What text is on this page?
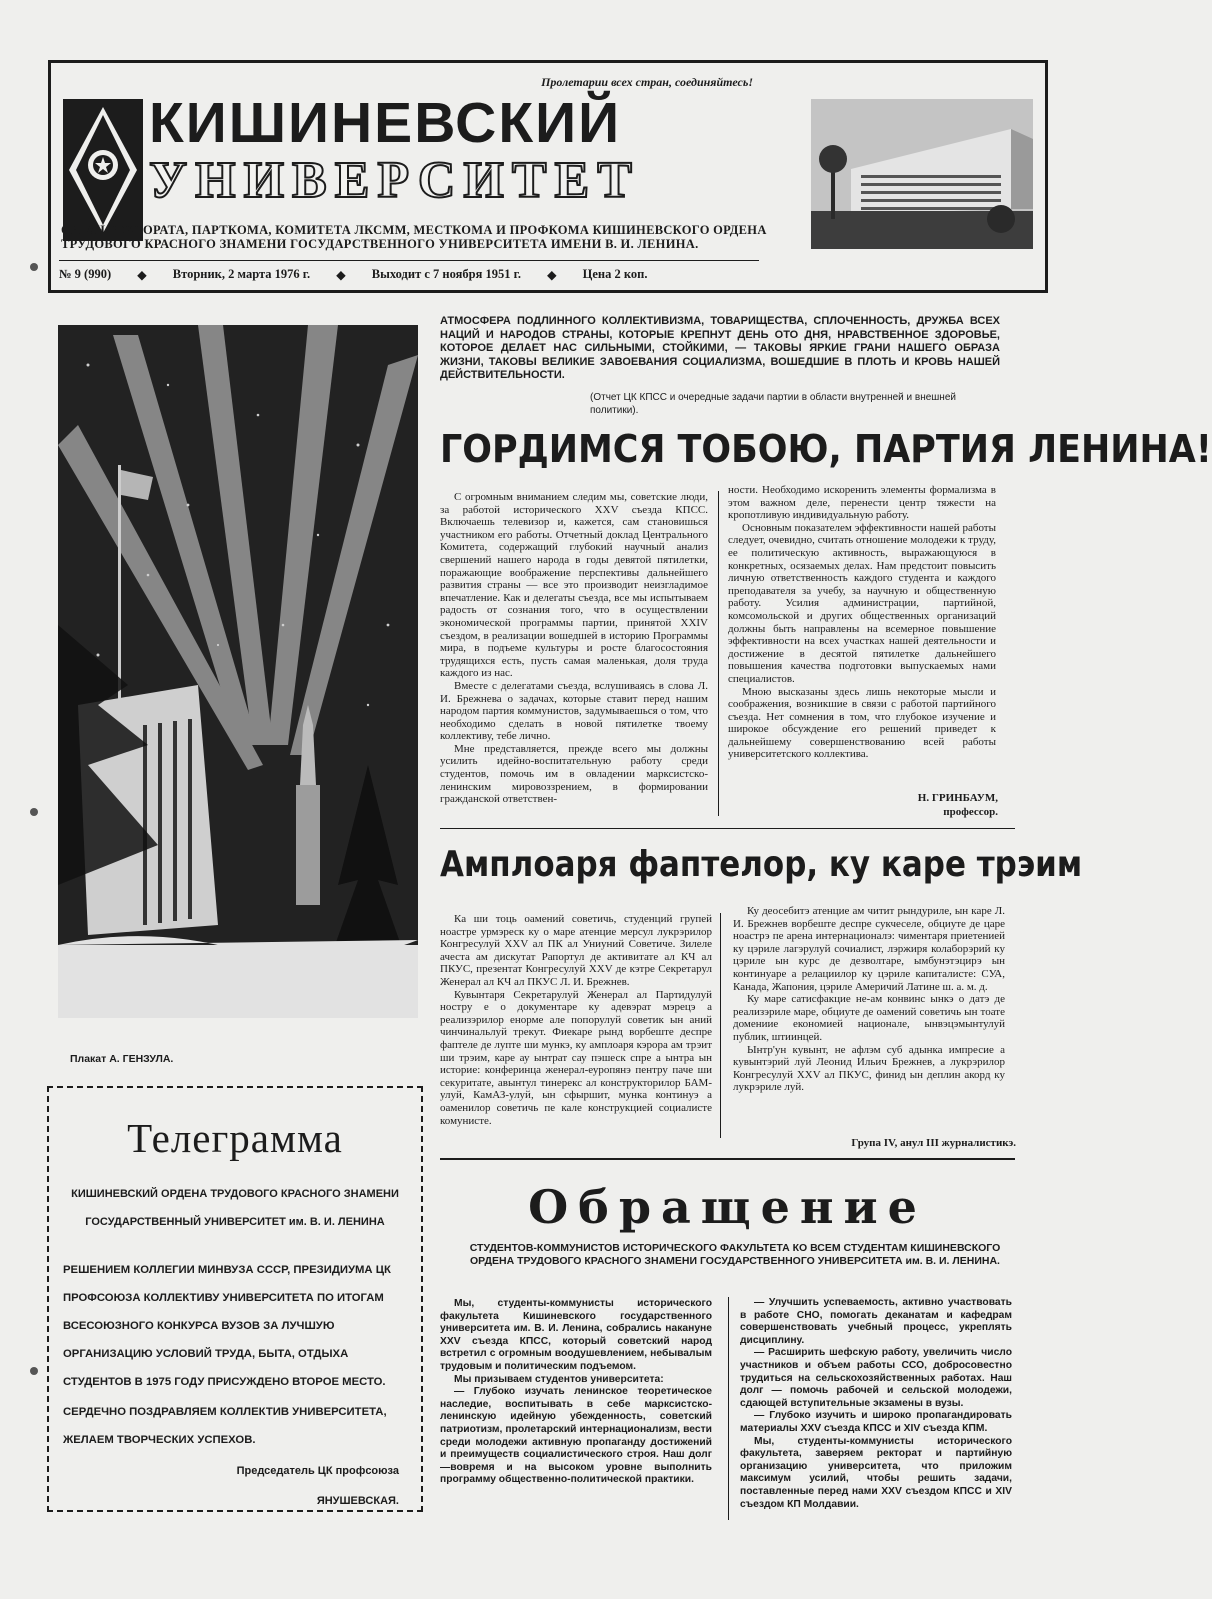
Пролетарии всех стран, соединяйтесь!
КИШИНЕВСКИЙ
УНИВЕРСИТЕТ
ОРГАН РЕКТОРАТА, ПАРТКОМА, КОМИТЕТА ЛКСММ, МЕСТКОМА И ПРОФКОМА КИШИНЕВСКОГО ОРДЕНА ТРУДОВОГО КРАСНОГО ЗНАМЕНИ ГОСУДАРСТВЕННОГО УНИВЕРСИТЕТА ИМЕНИ В. И. ЛЕНИНА.
№ 9 (990) ◆ Вторник, 2 марта 1976 г. ◆ Выходит с 7 ноября 1951 г. ◆ Цена 2 коп.
Плакат А. ГЕНЗУЛА.
АТМОСФЕРА ПОДЛИННОГО КОЛЛЕКТИВИЗМА, ТОВАРИЩЕСТВА, СПЛОЧЕННОСТЬ, ДРУЖБА ВСЕХ НАЦИЙ И НАРОДОВ СТРАНЫ, КОТОРЫЕ КРЕПНУТ ДЕНЬ ОТО ДНЯ, НРАВСТВЕННОЕ ЗДОРОВЬЕ, КОТОРОЕ ДЕЛАЕТ НАС СИЛЬНЫМИ, СТОЙКИМИ, — ТАКОВЫ ЯРКИЕ ГРАНИ НАШЕГО ОБРАЗА ЖИЗНИ, ТАКОВЫ ВЕЛИКИЕ ЗАВОЕВАНИЯ СОЦИАЛИЗМА, ВОШЕДШИЕ В ПЛОТЬ И КРОВЬ НАШЕЙ ДЕЙСТВИТЕЛЬНОСТИ.
(Отчет ЦК КПСС и очередные задачи партии в области внутренней и внешней политики).
ГОРДИМСЯ ТОБОЮ, ПАРТИЯ ЛЕНИНА!

С огромным вниманием следим мы, советские люди, за работой исторического XXV съезда КПСС. Включаешь телевизор и, кажется, сам становишься участником его работы. Отчетный доклад Центрального Комитета, содержащий глубокий научный анализ свершений нашего народа в годы девятой пятилетки, поражающие воображение перспективы дальнейшего развития страны — все это производит неизгладимое впечатление. Как и делегаты съезда, все мы испытываем радость от сознания того, что в осуществлении экономической программы партии, принятой XXIV съездом, в реализации вошедшей в историю Программы мира, в подъеме культуры и росте благосостояния трудящихся есть, пусть самая маленькая, доля труда каждого из нас.

Вместе с делегатами съезда, вслушиваясь в слова Л. И. Брежнева о задачах, которые ставит перед нашим народом партия коммунистов, задумываешься о том, что необходимо сделать в новой пятилетке твоему коллективу, тебе лично.

Мне представляется, прежде всего мы должны усилить идейно-воспитательную работу среди студентов, помочь им в овладении марксистско-ленинским мировоззрением, в формировании гражданской ответствен-

ности. Необходимо искоренить элементы формализма в этом важном деле, перенести центр тяжести на кропотливую индивидуальную работу.

Основным показателем эффективности нашей работы следует, очевидно, считать отношение молодежи к труду, ее политическую активность, выражающуюся в конкретных, осязаемых делах. Нам предстоит повысить личную ответственность каждого студента и каждого преподавателя за учебу, за научную и общественную работу. Усилия администрации, партийной, комсомольской и других общественных организаций должны быть направлены на всемерное повышение эффективности на всех участках нашей деятельности и достижение в десятой пятилетке дальнейшего повышения качества подготовки выпускаемых нами специалистов.

Мною высказаны здесь лишь некоторые мысли и соображения, возникшие в связи с работой партийного съезда. Нет сомнения в том, что глубокое изучение и широкое обсуждение его решений приведет к дальнейшему совершенствованию всей работы университетского коллектива.

Н. ГРИНБАУМ,
профессор.
Амплоаря фаптелор, ку каре трэим

Ка ши тоць оамений советичь, студенций групей ноастре урмэреск ку о маре атенцие мерсул лукрэрилор Конгресулуй XXV ал ПК ал Униуний Советиче. Зилеле ачеста ам дискутат Рапортул де активитате ал КЧ ал ПКУС, презентат Конгресулуй XXV де кэтре Секретарул Женерал ал КЧ ал ПКУС Л. И. Брежнев.

Кувынтаря Секретарулуй Женерал ал Партидулуй ностру е о документаре ку адевэрат мэрецэ а реализэрилор енорме але попорулуй советик ын аний чинчинальлуй трекут. Фиекаре рынд ворбеште деспре фаптеле де лупте ши мункэ, ку амплоаря кэрора ам трэит ши трэим, каре ау ынтрат сау пэшеск спре а ынтра ын историе: конферинца женерал-еуропянэ пентру паче ши секуритате, авынтул тинерекс ал конструкторилор БАМ-улуй, КамАЗ-улуй, ын сфыршит, мунка континуэ а оаменилор советичь пе кале конструкцией социалисте комунисте.

Ку деосебитэ атенцие ам читит рындуриле, ын каре Л. И. Брежнев ворбеште деспре сукчеселе, обциуте де царе ноастрэ пе арена интернационалэ: чиментаря приетенией ку цэриле лагэрулуй сочиалист, лэржиря колаборэрий ку цэриле ын курс де дезволтаре, ымбунэтэцирэ ын континуаре а релациилор ку цэриле капиталисте: СУА, Канада, Жапония, цэриле Америчий Латине ш. а. м. д.

Ку маре сатисфакцие не-ам конвинс ынкэ о датэ де реализэриле маре, обциуте де оамений советичь ын тоате домениие економией национале, ынвэцэмынтулуй публик, штиинцей.

Ынтр'ун кувынт, не афлэм суб адынка импресие а кувынтэрий луй Леонид Ильич Брежнев, а лукрэрилор Конгресулуй XXV ал ПКУС, финид ын деплин акорд ку лукрэриле луй.

Група IV, анул III журналистикэ.
Телеграмма
КИШИНЕВСКИЙ ОРДЕНА ТРУДОВОГО КРАСНОГО ЗНАМЕНИ ГОСУДАРСТВЕННЫЙ УНИВЕРСИТЕТ им. В. И. ЛЕНИНА
РЕШЕНИЕМ КОЛЛЕГИИ МИНВУЗА СССР, ПРЕЗИДИУМА ЦК ПРОФСОЮЗА КОЛЛЕКТИВУ УНИВЕРСИТЕТА ПО ИТОГАМ ВСЕСОЮЗНОГО КОНКУРСА ВУЗОВ ЗА ЛУЧШУЮ ОРГАНИЗАЦИЮ УСЛОВИЙ ТРУДА, БЫТА, ОТДЫХА СТУДЕНТОВ В 1975 ГОДУ ПРИСУЖДЕНО ВТОРОЕ МЕСТО.
СЕРДЕЧНО ПОЗДРАВЛЯЕМ КОЛЛЕКТИВ УНИВЕРСИТЕТА, ЖЕЛАЕМ ТВОРЧЕСКИХ УСПЕХОВ.
Председатель ЦК профсоюза
ЯНУШЕВСКАЯ.
Обращение
СТУДЕНТОВ-КОММУНИСТОВ ИСТОРИЧЕСКОГО ФАКУЛЬТЕТА КО ВСЕМ СТУДЕНТАМ КИШИНЕВСКОГО ОРДЕНА ТРУДОВОГО КРАСНОГО ЗНАМЕНИ ГОСУДАРСТВЕННОГО УНИВЕРСИТЕТА им. В. И. ЛЕНИНА.

Мы, студенты-коммунисты исторического факультета Кишиневского государственного университета им. В. И. Ленина, собрались накануне XXV съезда КПСС, который советский народ встретил с огромным воодушевлением, небывалым трудовым и политическим подъемом.

Мы призываем студентов университета:

— Глубоко изучать ленинское теоретическое наследие, воспитывать в себе марксистско-ленинскую идейную убежденность, советский патриотизм, пролетарский интернационализм, вести среди молодежи активную пропаганду достижений и преимуществ социалистического строя. Наш долг—вовремя и на высоком уровне выполнить программу общественно-политической практики.

— Улучшить успеваемость, активно участвовать в работе СНО, помогать деканатам и кафедрам совершенствовать учебный процесс, укреплять дисциплину.

— Расширить шефскую работу, увеличить число участников и объем работы ССО, добросовестно трудиться на сельскохозяйственных работах. Наш долг — помочь рабочей и сельской молодежи, сдающей вступительные экзамены в вузы.

— Глубоко изучить и широко пропагандировать материалы XXV съезда КПСС и XIV съезда КПМ.

Мы, студенты-коммунисты исторического факультета, заверяем ректорат и партийную организацию университета, что приложим максимум усилий, чтобы решить задачи, поставленные перед нами XXV съездом КПСС и XIV съездом КП Молдавии.
